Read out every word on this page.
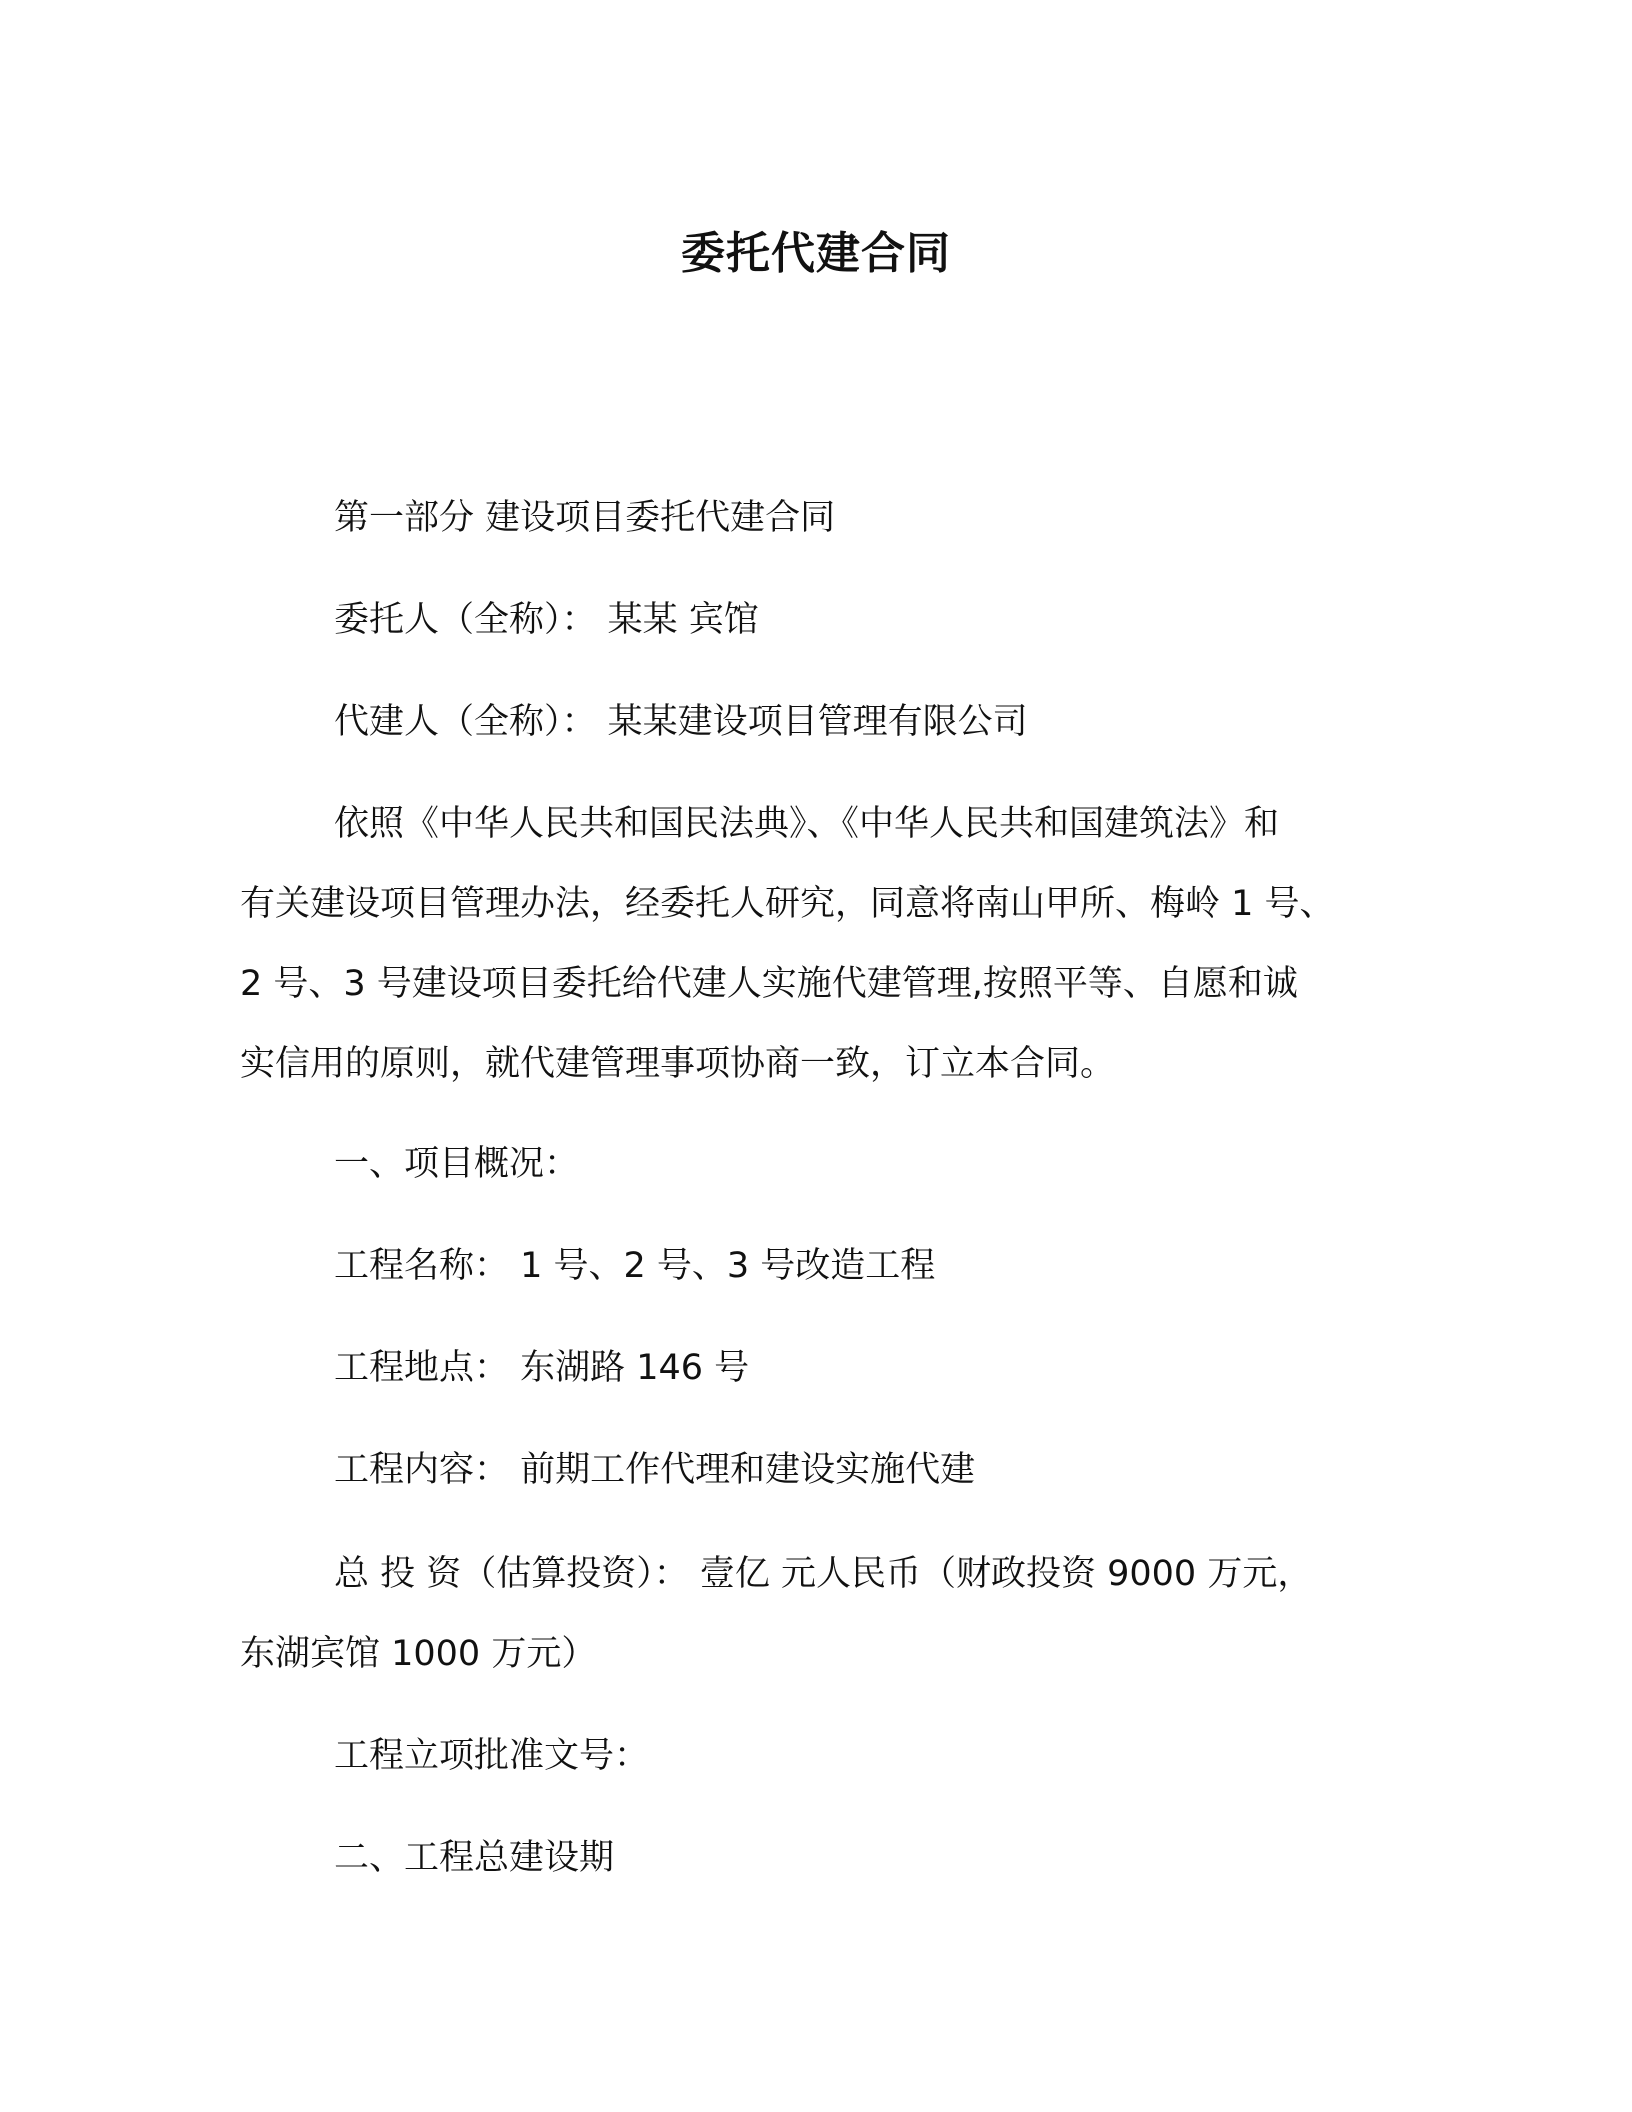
委托代建合同
第一部分 建设项目委托代建合同
委托人（全称）： 某某 宾馆
代建人（全称）： 某某建设项目管理有限公司
依照《中华人民共和国民法典》、《中华人民共和国建筑法》和
有关建设项目管理办法，经委托人研究，同意将南山甲所、梅岭 1 号、
2 号、3 号建设项目委托给代建人实施代建管理,按照平等、自愿和诚
实信用的原则，就代建管理事项协商一致，订立本合同。
一、项目概况：
工程名称： 1 号、2 号、3 号改造工程
工程地点： 东湖路 146 号
工程内容： 前期工作代理和建设实施代建
总 投 资（估算投资）： 壹亿 元人民币（财政投资 9000 万元，
东湖宾馆 1000 万元）
工程立项批准文号：
二、工程总建设期
